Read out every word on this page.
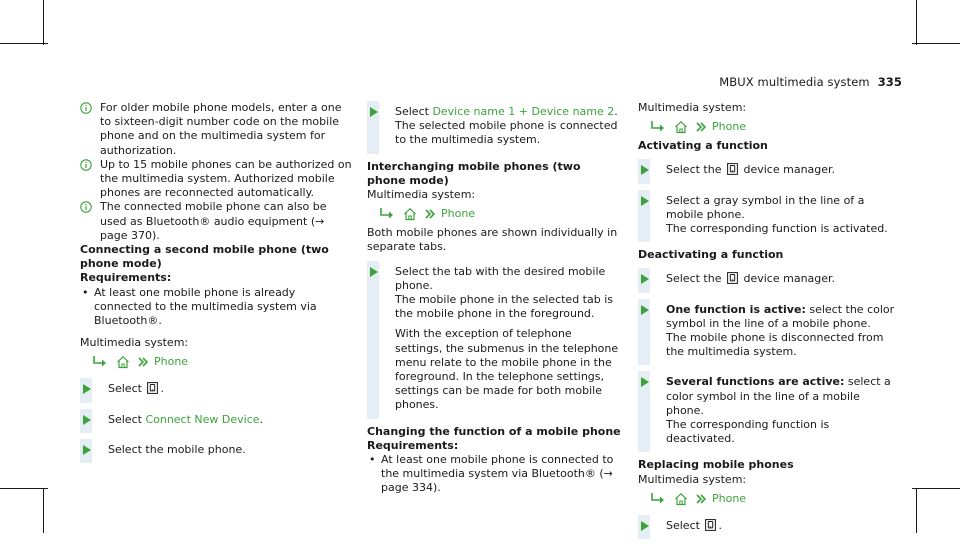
MBUX multimedia system 335

For older mobile phone models, enter a one to sixteen-digit number code on the mobile phone and on the multimedia system for authorization.

Up to 15 mobile phones can be authorized on the multimedia system. Authorized mobile phones are reconnected automatically.

The connected mobile phone can also be used as Bluetooth® audio equipment (→ page 370).

Connecting a second mobile phone (two phone mode)

Requirements:

• At least one mobile phone is already connected to the multimedia system via Bluetooth®.

Multimedia system:

Phone
Select .
Select Connect New Device.
Select the mobile phone.
Select Device name 1 + Device name 2.

The selected mobile phone is connected to the multimedia system.

Interchanging mobile phones (two phone mode)

Multimedia system:

Phone

Both mobile phones are shown individually in separate tabs.

Select the tab with the desired mobile phone.

The mobile phone in the selected tab is the mobile phone in the foreground.

With the exception of telephone settings, the submenus in the telephone menu relate to the mobile phone in the foreground. In the telephone settings, settings can be made for both mobile phones.

Changing the function of a mobile phone

Requirements:

• At least one mobile phone is connected to the multimedia system via Bluetooth® (→ page 334).

Multimedia system:

Phone

Activating a function

Select the device manager.

Select a gray symbol in the line of a mobile phone.

The corresponding function is activated.

Deactivating a function

Select the device manager.

One function is active: select the color symbol in the line of a mobile phone.

The mobile phone is disconnected from the multimedia system.

Several functions are active: select a color symbol in the line of a mobile phone.

The corresponding function is deactivated.

Replacing mobile phones

Multimedia system:

Phone
Select .
